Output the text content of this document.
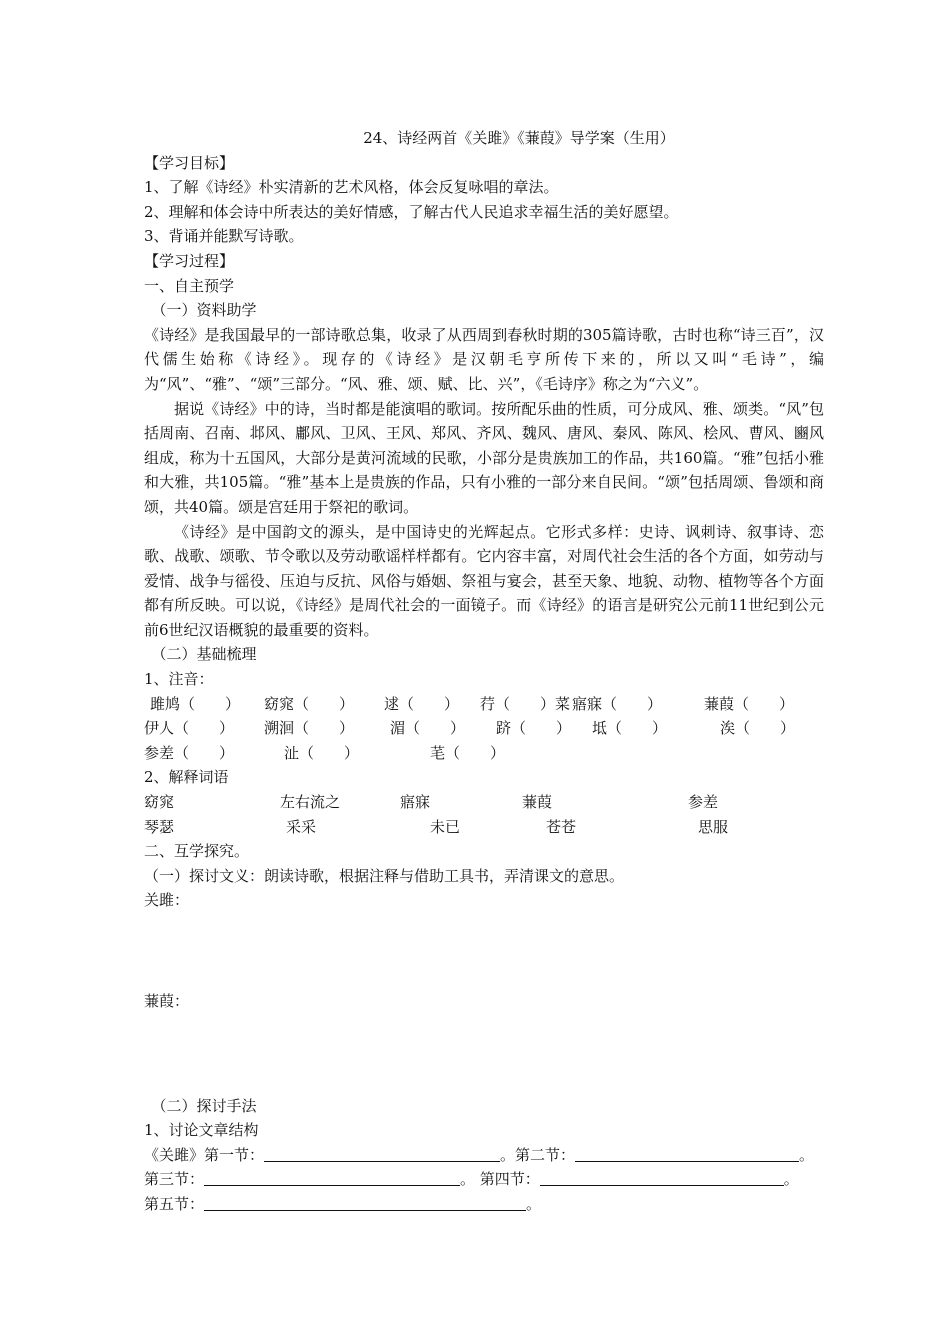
24、诗经两首《关雎》《蒹葭》导学案（生用）
【学习目标】
1、了解《诗经》朴实清新的艺术风格，体会反复咏唱的章法。
2、理解和体会诗中所表达的美好情感，了解古代人民追求幸福生活的美好愿望。
3、背诵并能默写诗歌。
【学习过程】
一、自主预学
（一）资料助学
《诗经》是我国最早的一部诗歌总集，收录了从西周到春秋时期的305篇诗歌，古时也称“诗三百”，汉代儒生始称《诗经》。现存的《诗经》是汉朝毛亨所传下来的，所以又叫“毛诗”，编为“风”、“雅”、“颂”三部分。“风、雅、颂、赋、比、兴”，《毛诗序》称之为“六义”。
据说《诗经》中的诗，当时都是能演唱的歌词。按所配乐曲的性质，可分成风、雅、颂类。“风”包括周南、召南、邶风、鄘风、卫风、王风、郑风、齐风、魏风、唐风、秦风、陈风、桧风、曹风、豳风组成，称为十五国风，大部分是黄河流域的民歌，小部分是贵族加工的作品，共160篇。“雅”包括小雅和大雅，共105篇。“雅”基本上是贵族的作品，只有小雅的一部分来自民间。“颂”包括周颂、鲁颂和商颂，共40篇。颂是宫廷用于祭祀的歌词。
《诗经》是中国韵文的源头，是中国诗史的光辉起点。它形式多样：史诗、讽刺诗、叙事诗、恋歌、战歌、颂歌、节令歌以及劳动歌谣样样都有。它内容丰富，对周代社会生活的各个方面，如劳动与爱情、战争与徭役、压迫与反抗、风俗与婚姻、祭祖与宴会，甚至天象、地貌、动物、植物等各个方面都有所反映。可以说，《诗经》是周代社会的一面镜子。而《诗经》的语言是研究公元前11世纪到公元前6世纪汉语概貌的最重要的资料。
（二）基础梳理
1、注音：
雎鸠（　　） 窈窕（　　） 逑（　　） 荇（　　）菜 寤寐（　　）	蒹葭（　　）
伊人（　　） 溯洄（　　） 湄（　　） 跻（　　） 坻（　　）	涘（　　）
参差（　　）	沚（　　）	芼（　　）
2、解释词语
窈窕	左右流之	寤寐	蒹葭	参差
琴瑟	采采	未已	苍苍	思服
二、互学探究。
（一）探讨文义：朗读诗歌，根据注释与借助工具书，弄清课文的意思。
关雎：
蒹葭：
（二）探讨手法
1、讨论文章结构
《关雎》第一节：	。第二节：	。
第三节：	。 第四节：	。
第五节：	。
